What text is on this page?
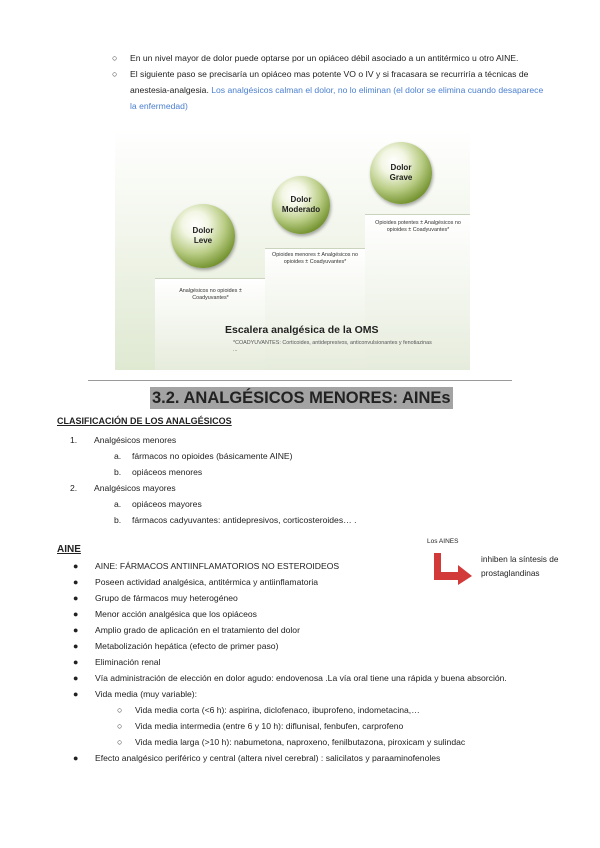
○ En un nivel mayor de dolor puede optarse por un opiáceo débil asociado a un antitérmico u otro AINE.
○ El siguiente paso se precisaría un opiáceo mas potente VO o IV y si fracasara se recurriría a técnicas de anestesia-analgesia. Los analgésicos calman el dolor, no lo eliminan (el dolor se elimina cuando desaparece la enfermedad)
Dolor Leve
Dolor Moderado
Dolor Grave
Analgésicos no opioides ± Coadyuvantes*
Opioides menores ± Analgésicos no opioides ± Coadyuvantes*
Opioides potentes ± Analgésicos no opioides ± Coadyuvantes*
Escalera analgésica de la OMS
*COADYUVANTES: Corticoides, antidepresivos, anticonvulsionantes y fenotiazinas ...
3.2. ANALGÉSICOS MENORES: AINEs
CLASIFICACIÓN DE LOS ANALGÉSICOS
1. Analgésicos menores
a. fármacos no opioides (básicamente AINE)
b. opiáceos menores
2. Analgésicos mayores
a. opiáceos mayores
b. fármacos cadyuvantes: antidepresivos, corticosteroides… .
AINE
Los AINES
inhiben la síntesis de prostaglandinas
● AINE: FÁRMACOS ANTIINFLAMATORIOS NO ESTEROIDEOS
● Poseen actividad analgésica, antitérmica y antiinflamatoria
● Grupo de fármacos muy heterogéneo
● Menor acción analgésica que los opiáceos
● Amplio grado de aplicación en el tratamiento del dolor
● Metabolización hepática (efecto de primer paso)
● Eliminación renal
● Vía administración de elección en dolor agudo: endovenosa .La vía oral tiene una rápida y buena absorción.
● Vida media (muy variable):
○ Vida media corta (<6 h): aspirina, diclofenaco, ibuprofeno, indometacina,…
○ Vida media intermedia (entre 6 y 10 h): diflunisal, fenbufen, carprofeno
○ Vida media larga (>10 h): nabumetona, naproxeno, fenilbutazona, piroxicam y sulindac
● Efecto analgésico periférico y central (altera nivel cerebral) : salicilatos y paraaminofenoles
